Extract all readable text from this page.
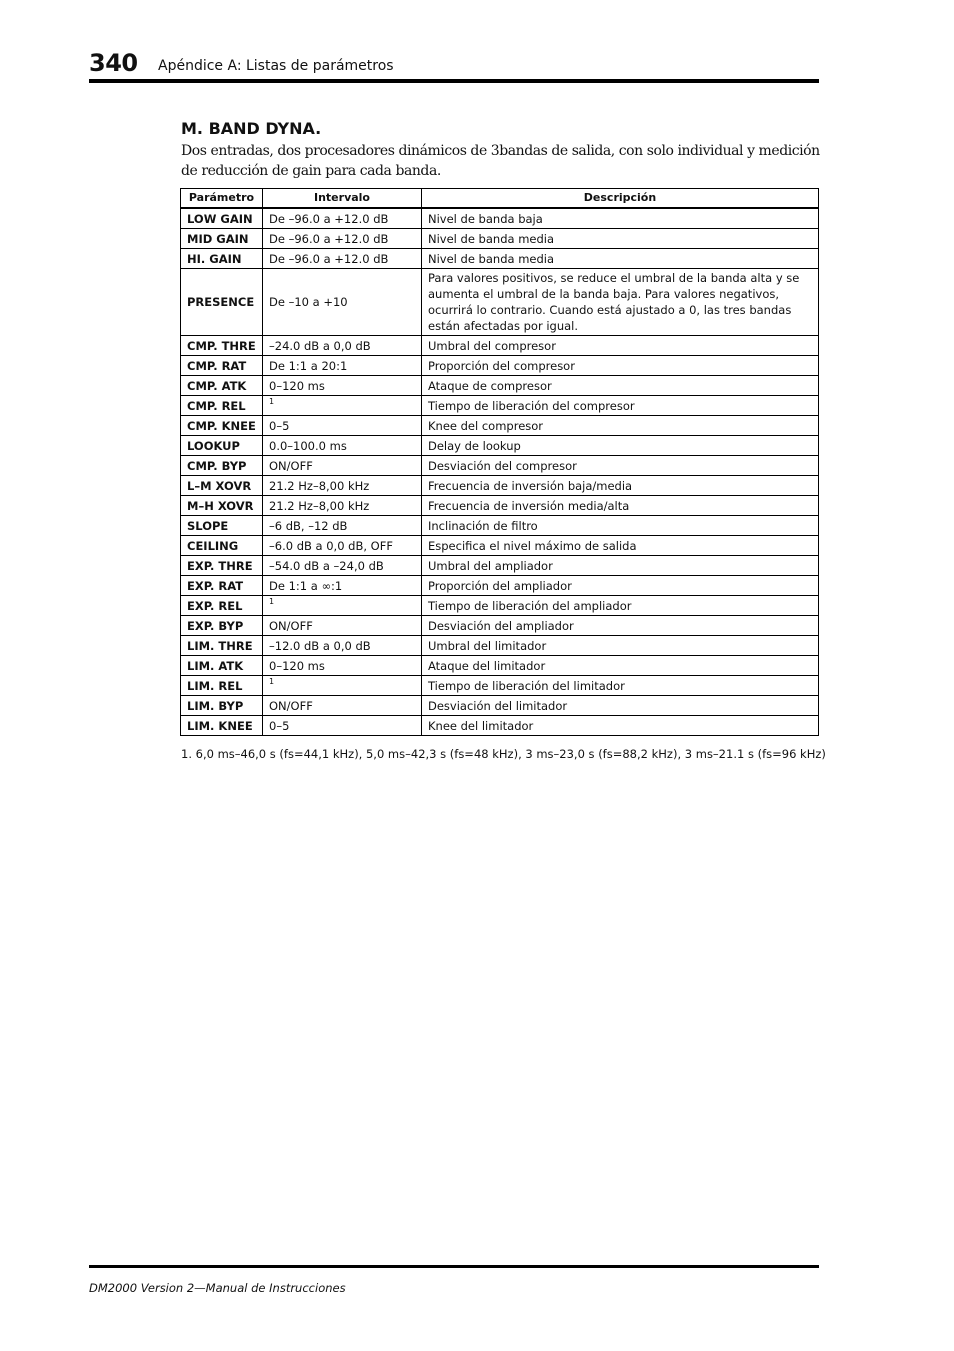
340 Apéndice A: Listas de parámetros
M. BAND DYNA.
Dos entradas, dos procesadores dinámicos de 3bandas de salida, con solo individual y medición de reducción de gain para cada banda.
Parámetro	Intervalo	Descripción
LOW GAIN	De –96.0 a +12.0 dB	Nivel de banda baja
MID GAIN	De –96.0 a +12.0 dB	Nivel de banda media
HI. GAIN	De –96.0 a +12.0 dB	Nivel de banda media
PRESENCE	De –10 a +10	Para valores positivos, se reduce el umbral de la banda alta y se aumenta el umbral de la banda baja. Para valores negativos, ocurrirá lo contrario. Cuando está ajustado a 0, las tres bandas están afectadas por igual.
CMP. THRE	–24.0 dB a 0,0 dB	Umbral del compresor
CMP. RAT	De 1:1 a 20:1	Proporción del compresor
CMP. ATK	0–120 ms	Ataque de compresor
CMP. REL	$^1$	Tiempo de liberación del compresor
CMP. KNEE	0–5	Knee del compresor
LOOKUP	0.0–100.0 ms	Delay de lookup
CMP. BYP	ON/OFF	Desviación del compresor
L–M XOVR	21.2 Hz–8,00 kHz	Frecuencia de inversión baja/media
M–H XOVR	21.2 Hz–8,00 kHz	Frecuencia de inversión media/alta
SLOPE	–6 dB, –12 dB	Inclinación de filtro
CEILING	–6.0 dB a 0,0 dB, OFF	Especifica el nivel máximo de salida
EXP. THRE	–54.0 dB a –24,0 dB	Umbral del ampliador
EXP. RAT	De 1:1 a ∞:1	Proporción del ampliador
EXP. REL	$^1$	Tiempo de liberación del ampliador
EXP. BYP	ON/OFF	Desviación del ampliador
LIM. THRE	–12.0 dB a 0,0 dB	Umbral del limitador
LIM. ATK	0–120 ms	Ataque del limitador
LIM. REL	$^1$	Tiempo de liberación del limitador
LIM. BYP	ON/OFF	Desviación del limitador
LIM. KNEE	0–5	Knee del limitador
1. 6,0 ms–46,0 s (fs=44,1 kHz), 5,0 ms–42,3 s (fs=48 kHz), 3 ms–23,0 s (fs=88,2 kHz), 3 ms–21.1 s (fs=96 kHz)
DM2000 Version 2—Manual de Instrucciones
